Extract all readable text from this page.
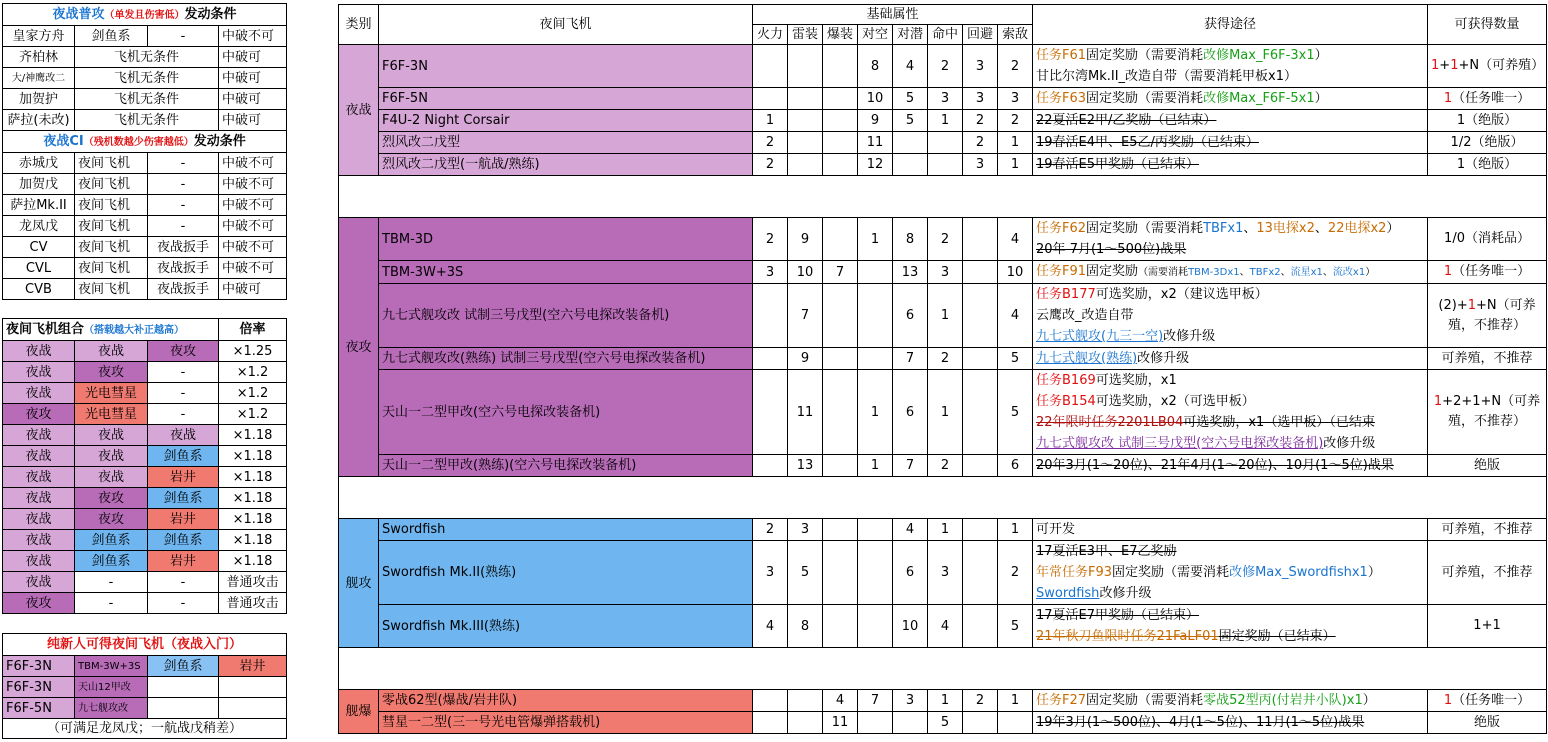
夜战普攻（单发且伤害低）发动条件			
皇家方舟	剑鱼系	-	中破不可
齐柏林	飞机无条件		中破可
大/神鹰改二	飞机无条件		中破可
加贺护	飞机无条件		中破可
萨拉(未改)	飞机无条件		中破可
夜战CI（残机数越少伤害越低）发动条件			
赤城戊	夜间飞机	-	中破不可
加贺戊	夜间飞机	-	中破不可
萨拉Mk.II	夜间飞机	-	中破不可
龙凤戊	夜间飞机	-	中破不可
CV	夜间飞机	夜战扳手	中破不可
CVL	夜间飞机	夜战扳手	中破不可
CVB	夜间飞机	夜战扳手	中破可
夜间飞机组合（搭载越大补正越高）			倍率
夜战	夜战	夜攻	×1.25
夜战	夜攻	-	×1.2
夜战	光电彗星	-	×1.2
夜攻	光电彗星	-	×1.2
夜战	夜战	夜战	×1.18
夜战	夜战	剑鱼系	×1.18
夜战	夜战	岩井	×1.18
夜战	夜攻	剑鱼系	×1.18
夜战	夜攻	岩井	×1.18
夜战	剑鱼系	剑鱼系	×1.18
夜战	剑鱼系	岩井	×1.18
夜战	-	-	普通攻击
夜攻	-	-	普通攻击
纯新人可得夜间飞机（夜战入门）			
F6F-3N	TBM-3W+3S	剑鱼系	岩井
F6F-3N	天山12甲改		
F6F-5N	九七舰攻改		
（可满足龙凤戊；一航战戊稍差）			
类别	夜间飞机	基础属性								获得途径	可获得数量
		火力	雷装	爆装	对空	对潜	命中	回避	索敌		
夜战	F6F-3N				8	4	2	3	2	任务F61固定奖励（需要消耗改修Max_F6F-3x1）
甘比尔湾Mk.II_改造自带（需要消耗甲板x1）	1+1+N（可养殖）
	F6F-5N				10	5	3	3	3	任务F63固定奖励（需要消耗改修Max_F6F-5x1）	1（任务唯一）
	F4U-2 Night Corsair	1			9	5	1	2	2	22夏活E2甲/乙奖励（已结束）	1（绝版）
	烈风改二戊型	2			11			2	1	19春活E4甲、E5乙/丙奖励（已结束）	1/2（绝版）
	烈风改二戊型(一航战/熟练)	2			12			3	1	19春活E5甲奖励（已结束）	1（绝版）

夜攻	TBM-3D	2	9		1	8	2		4	任务F62固定奖励（需要消耗TBFx1、13电探x2、22电探x2）
20年 7月(1～500位)战果	1/0（消耗品）
	TBM-3W+3S	3	10	7		13	3		10	任务F91固定奖励（需要消耗TBM-3Dx1、TBFx2、流星x1、流改x1）	1（任务唯一）
	九七式舰攻改 试制三号戊型(空六号电探改装备机)		7			6	1		4	任务B177可选奖励，x2（建议选甲板）
云鹰改_改造自带
九七式舰攻(九三一空)改修升级	(2)+1+N（可养殖，不推荐）
	九七式舰攻改(熟练) 试制三号戊型(空六号电探改装备机)		9			7	2		5	九七式舰攻(熟练)改修升级	可养殖，不推荐
	天山一二型甲改(空六号电探改装备机)		11		1	6	1		5	任务B169可选奖励，x1
任务B154可选奖励，x2（可选甲板）
22年限时任务2201LB04可选奖励，x1（选甲板）（已结束
九七式舰攻改 试制三号戊型(空六号电探改装备机)改修升级	1+2+1+N（可养殖，不推荐）
	天山一二型甲改(熟练)(空六号电探改装备机)		13		1	7	2		6	20年3月(1～20位)、21年4月(1～20位)、10月(1～5位)战果	绝版

舰攻	Swordfish	2	3			4	1		1	可开发	可养殖，不推荐
	Swordfish Mk.II(熟练)	3	5			6	3		2	17夏活E3甲、E7乙奖励
年常任务F93固定奖励（需要消耗改修Max_Swordfishx1）
Swordfish改修升级	可养殖，不推荐
	Swordfish Mk.III(熟练)	4	8			10	4		5	17夏活E7甲奖励（已结束）
21年秋刀鱼限时任务21FaLF01固定奖励（已结束）	1+1

舰爆	零战62型(爆战/岩井队)			4	7	3	1	2	1	任务F27固定奖励（需要消耗零战52型丙(付岩井小队)x1）	1（任务唯一）
	彗星一二型(三一号光电管爆弹搭载机)			11			5			19年3月(1～500位)、4月(1～5位)、11月(1～5位)战果	绝版
